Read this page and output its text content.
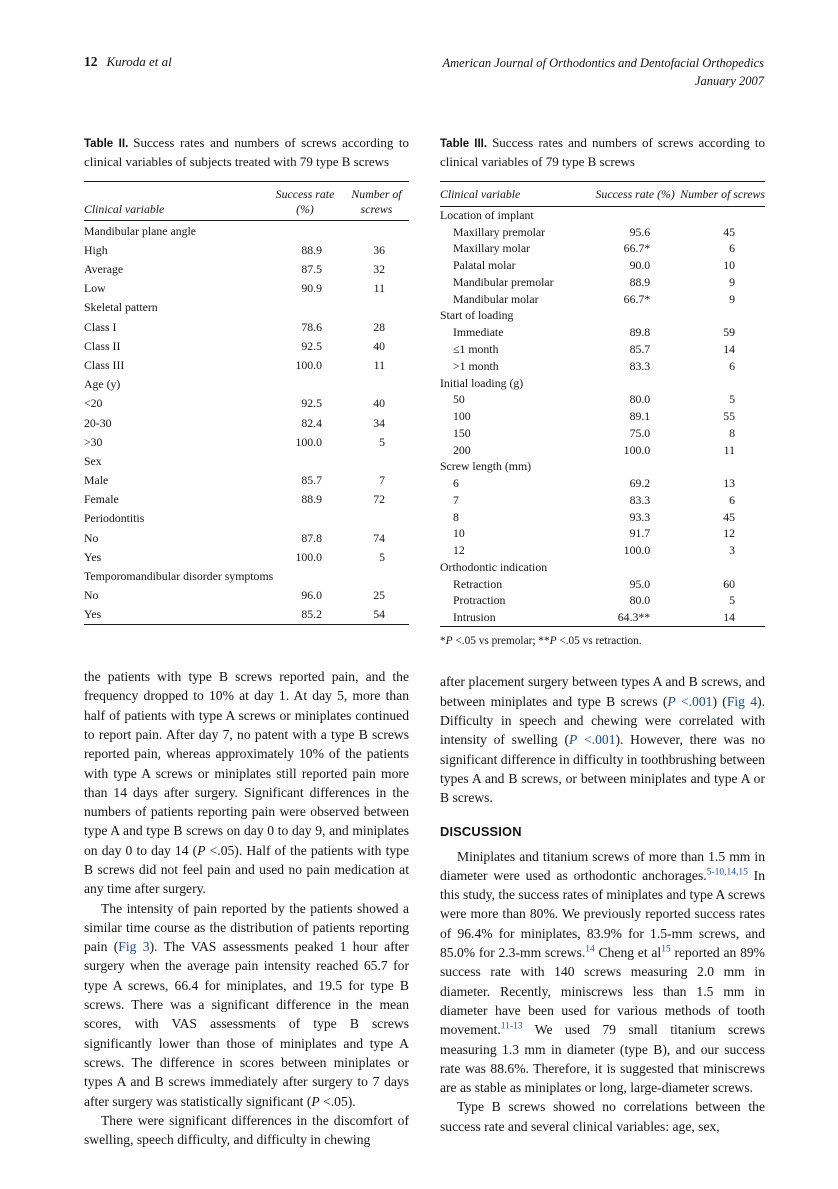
12 Kuroda et al	American Journal of Orthodontics and Dentofacial Orthopedics
January 2007

Table II. Success rates and numbers of screws according to clinical variables of subjects treated with 79 type B screws

Clinical variable	Success rate (%)	Number of screws
Mandibular plane angle		
High	88.9	36
Average	87.5	32
Low	90.9	11
Skeletal pattern		
Class I	78.6	28
Class II	92.5	40
Class III	100.0	11
Age (y)		
<20	92.5	40
20-30	82.4	34
>30	100.0	5
Sex		
Male	85.7	7
Female	88.9	72
Periodontitis		
No	87.8	74
Yes	100.0	5
Temporomandibular disorder symptoms		
No	96.0	25
Yes	85.2	54

the patients with type B screws reported pain, and the frequency dropped to 10% at day 1. At day 5, more than half of patients with type A screws or miniplates continued to report pain. After day 7, no patent with a type B screws reported pain, whereas approximately 10% of the patients with type A screws or miniplates still reported pain more than 14 days after surgery. Significant differences in the numbers of patients reporting pain were observed between type A and type B screws on day 0 to day 9, and miniplates on day 0 to day 14 (P <.05). Half of the patients with type B screws did not feel pain and used no pain medication at any time after surgery.

The intensity of pain reported by the patients showed a similar time course as the distribution of patients reporting pain (Fig 3). The VAS assessments peaked 1 hour after surgery when the average pain intensity reached 65.7 for type A screws, 66.4 for miniplates, and 19.5 for type B screws. There was a significant difference in the mean scores, with VAS assessments of type B screws significantly lower than those of miniplates and type A screws. The difference in scores between miniplates or types A and B screws immediately after surgery to 7 days after surgery was statistically significant (P <.05).

There were significant differences in the discomfort of swelling, speech difficulty, and difficulty in chewing

Table III. Success rates and numbers of screws according to clinical variables of 79 type B screws

Clinical variable	Success rate (%)	Number of screws
Location of implant		
Maxillary premolar	95.6	45
Maxillary molar	66.7*	6
Palatal molar	90.0	10
Mandibular premolar	88.9	9
Mandibular molar	66.7*	9
Start of loading		
Immediate	89.8	59
≤1 month	85.7	14
>1 month	83.3	6
Initial loading (g)		
50	80.0	5
100	89.1	55
150	75.0	8
200	100.0	11
Screw length (mm)		
6	69.2	13
7	83.3	6
8	93.3	45
10	91.7	12
12	100.0	3
Orthodontic indication		
Retraction	95.0	60
Protraction	80.0	5
Intrusion	64.3**	14

*P <.05 vs premolar; **P <.05 vs retraction.

after placement surgery between types A and B screws, and between miniplates and type B screws (P <.001) (Fig 4). Difficulty in speech and chewing were correlated with intensity of swelling (P <.001). However, there was no significant difference in difficulty in toothbrushing between types A and B screws, or between miniplates and type A or B screws.

DISCUSSION

Miniplates and titanium screws of more than 1.5 mm in diameter were used as orthodontic anchorages.$^{5-10,14,15}$ In this study, the success rates of miniplates and type A screws were more than 80%. We previously reported success rates of 96.4% for miniplates, 83.9% for 1.5-mm screws, and 85.0% for 2.3-mm screws.$^{14}$ Cheng et al$^{15}$ reported an 89% success rate with 140 screws measuring 2.0 mm in diameter. Recently, miniscrews less than 1.5 mm in diameter have been used for various methods of tooth movement.$^{11-13}$ We used 79 small titanium screws measuring 1.3 mm in diameter (type B), and our success rate was 88.6%. Therefore, it is suggested that miniscrews are as stable as miniplates or long, large-diameter screws.

Type B screws showed no correlations between the success rate and several clinical variables: age, sex,
